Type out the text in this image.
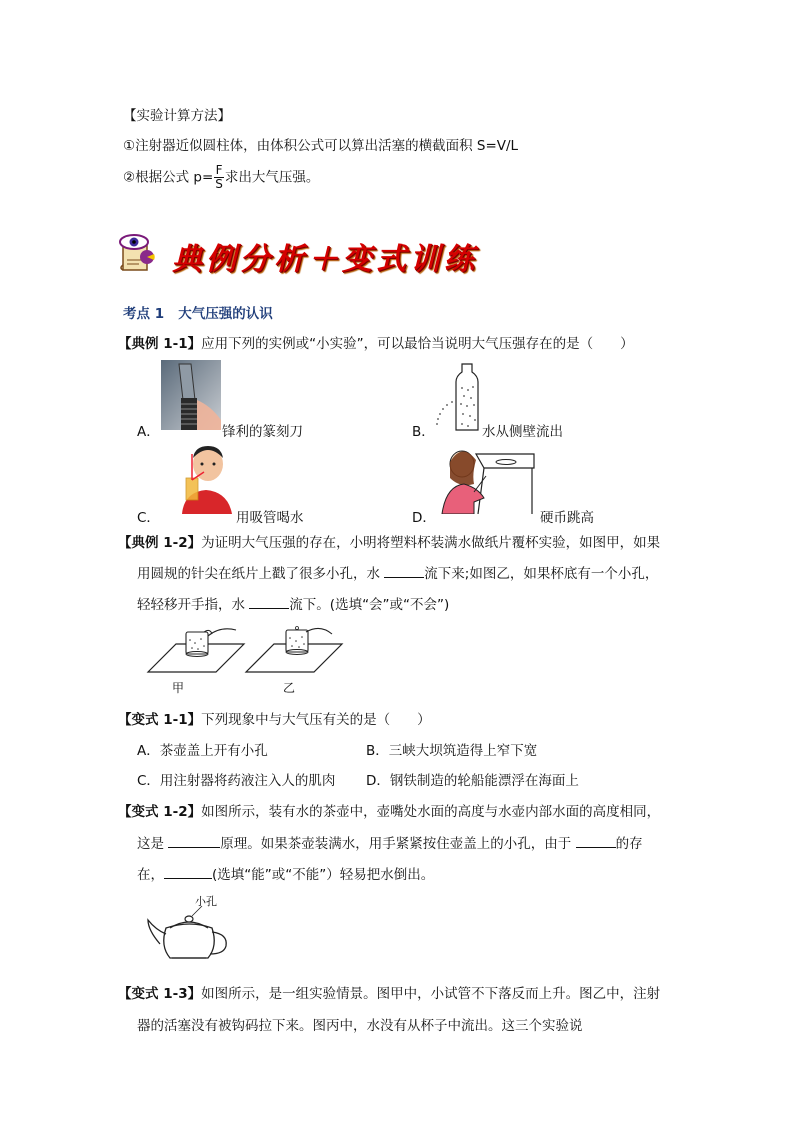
【实验计算方法】
①注射器近似圆柱体，由体积公式可以算出活塞的横截面积 S=V/L
②根据公式 $p= \frac{F}{S}$ 求出大气压强。
典例分析＋变式训练
考点 1 大气压强的认识
【典例 1-1】应用下列的实例或“小实验”，可以最恰当说明大气压强存在的是（　　）
A．	锋利的篆刻刀	B．	水从侧壁流出
C．	用吸管喝水	D．	硬币跳高
【典例 1-2】为证明大气压强的存在，小明将塑料杯装满水做纸片覆杯实验，如图甲，如果
用圆规的针尖在纸片上戳了很多小孔，水	流下来;如图乙，如果杯底有一个小孔，
轻轻移开手指，水	流下。(选填“会”或“不会”)
甲	乙
【变式 1-1】下列现象中与大气压有关的是（　　）
A．茶壶盖上开有小孔	B．三峡大坝筑造得上窄下宽
C．用注射器将药液注入人的肌肉 D．钢铁制造的轮船能漂浮在海面上
【变式 1-2】如图所示，装有水的茶壶中，壶嘴处水面的高度与水壶内部水面的高度相同，
这是	原理。如果茶壶装满水，用手紧紧按住壶盖上的小孔，由于	的存
在，	(选填“能”或“不能”）轻易把水倒出。
小孔
【变式 1-3】如图所示，是一组实验情景。图甲中，小试管不下落反而上升。图乙中，注射
器的活塞没有被钩码拉下来。图丙中，水没有从杯子中流出。这三个实验说
